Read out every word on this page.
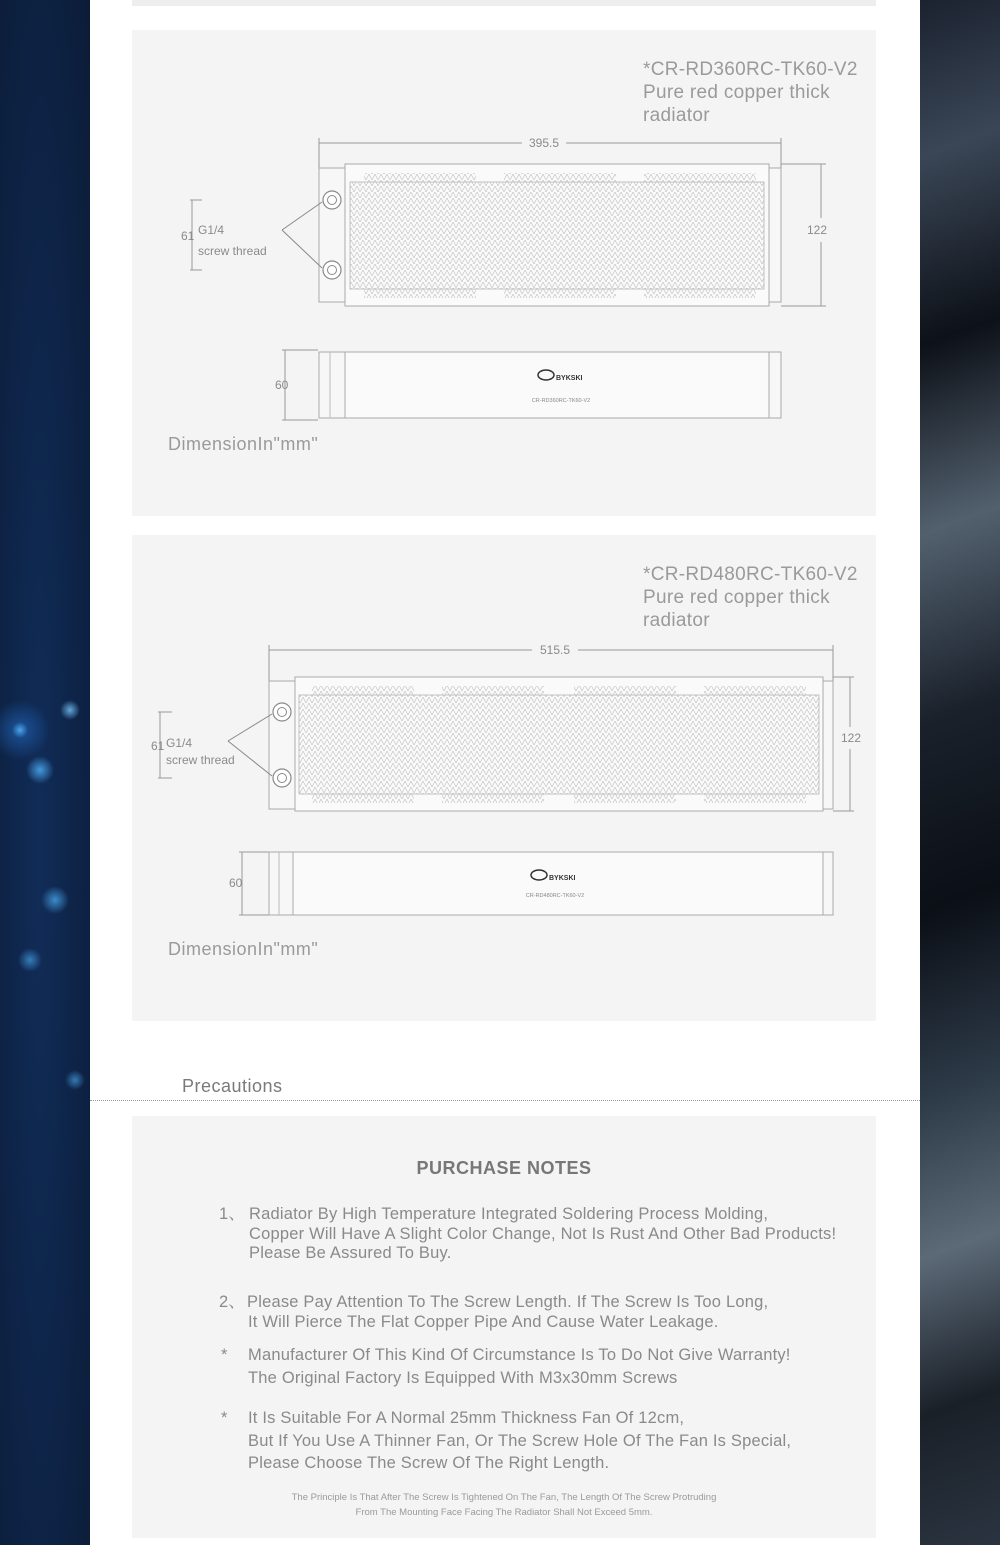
*CR-RD360RC-TK60-V2
Pure red copper thick
radiator
395.5
122
61 G1/4
screw thread
60	BYKSKI
CR-RD360RC-TK60-V2
DimensionIn"mm"
*CR-RD480RC-TK60-V2
Pure red copper thick
radiator
515.5
122
61 G1/4
screw thread
60	BYKSKI
CR-RD480RC-TK60-V2
DimensionIn"mm"
Precautions
PURCHASE NOTES
1、 Radiator By High Temperature Integrated Soldering Process Molding,
Copper Will Have A Slight Color Change, Not Is Rust And Other Bad Products!
Please Be Assured To Buy.
2、 Please Pay Attention To The Screw Length. If The Screw Is Too Long,
It Will Pierce The Flat Copper Pipe And Cause Water Leakage.
* Manufacturer Of This Kind Of Circumstance Is To Do Not Give Warranty!
The Original Factory Is Equipped With M3x30mm Screws
* It Is Suitable For A Normal 25mm Thickness Fan Of 12cm,
But If You Use A Thinner Fan, Or The Screw Hole Of The Fan Is Special,
Please Choose The Screw Of The Right Length.
The Principle Is That After The Screw Is Tightened On The Fan, The Length Of The Screw Protruding
From The Mounting Face Facing The Radiator Shall Not Exceed 5mm.
